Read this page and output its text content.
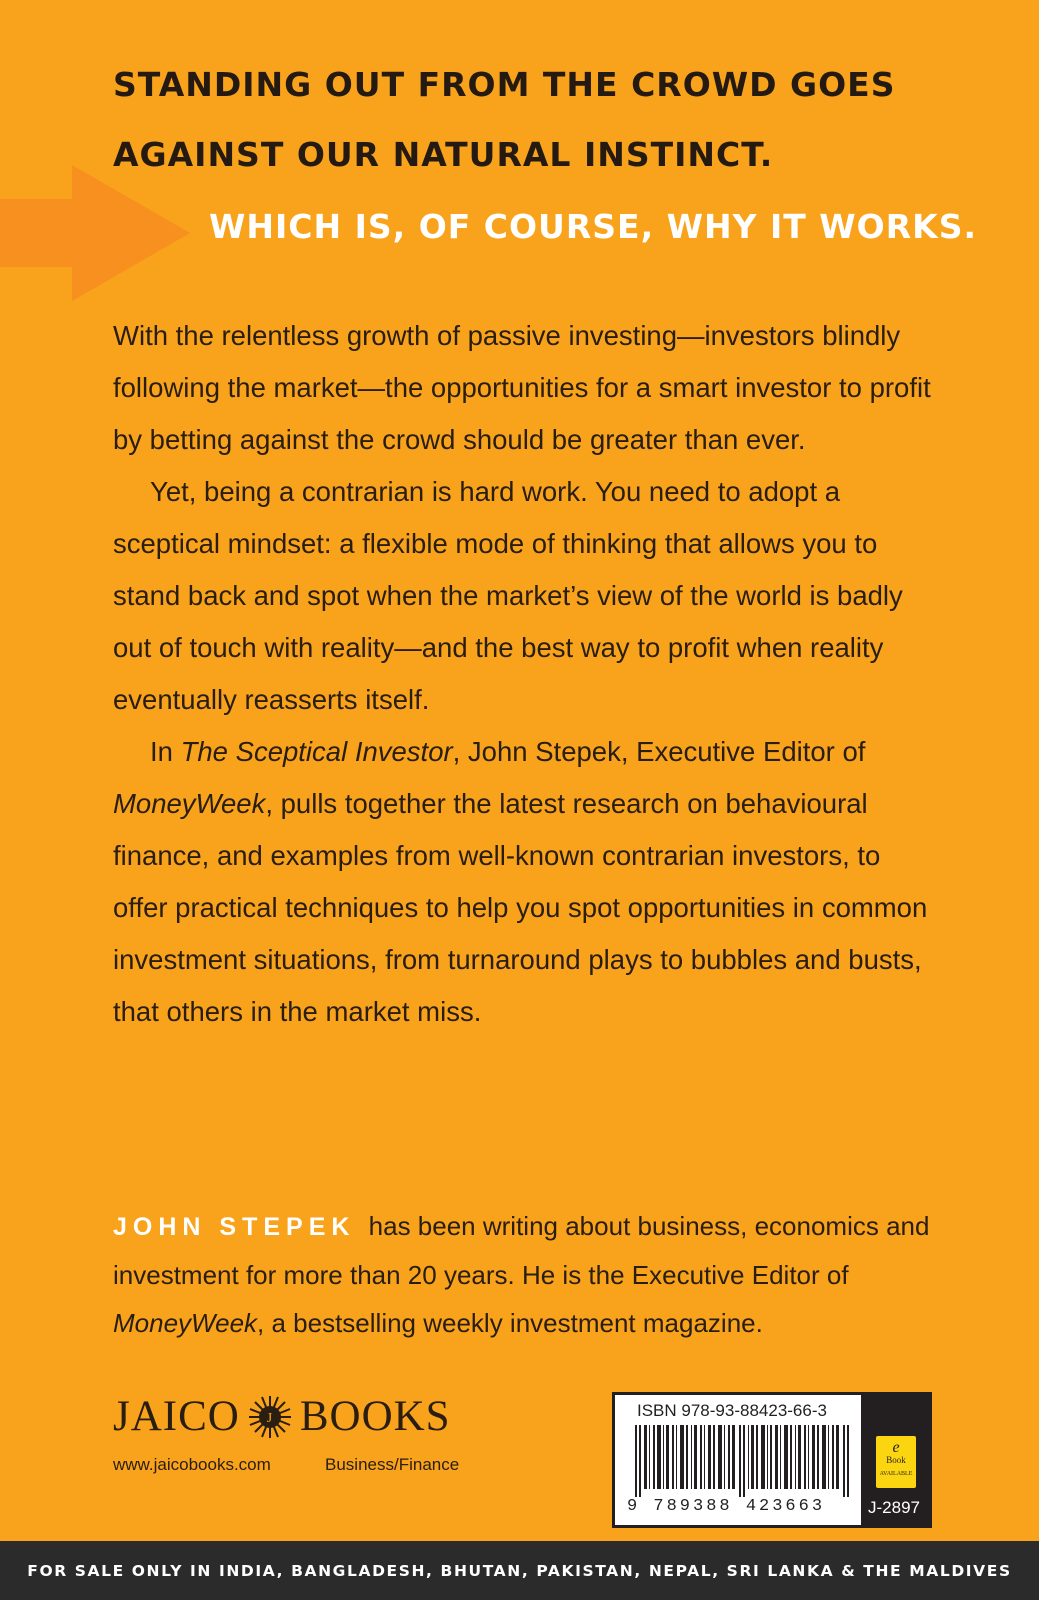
STANDING OUT FROM THE CROWD GOES
AGAINST OUR NATURAL INSTINCT.
WHICH IS, OF COURSE, WHY IT WORKS.

With the relentless growth of passive investing—investors blindly following the market—the opportunities for a smart investor to profit by betting against the crowd should be greater than ever.

Yet, being a contrarian is hard work. You need to adopt a sceptical mindset: a flexible mode of thinking that allows you to stand back and spot when the market’s view of the world is badly out of touch with reality—and the best way to profit when reality eventually reasserts itself.

In The Sceptical Investor, John Stepek, Executive Editor of MoneyWeek, pulls together the latest research on behavioural finance, and examples from well-known contrarian investors, to offer practical techniques to help you spot opportunities in common investment situations, from turnaround plays to bubbles and busts, that others in the market miss.

JOHN STEPEK has been writing about business, economics and investment for more than 20 years. He is the Executive Editor of MoneyWeek, a bestselling weekly investment magazine.
JAICO J BOOKS
www.jaicobooks.com	Business/Finance
ISBN 978-93-88423-66-3
9 789388 423663
e
Book
AVAILABLE
J-2897
FOR SALE ONLY IN INDIA, BANGLADESH, BHUTAN, PAKISTAN, NEPAL, SRI LANKA & THE MALDIVES
